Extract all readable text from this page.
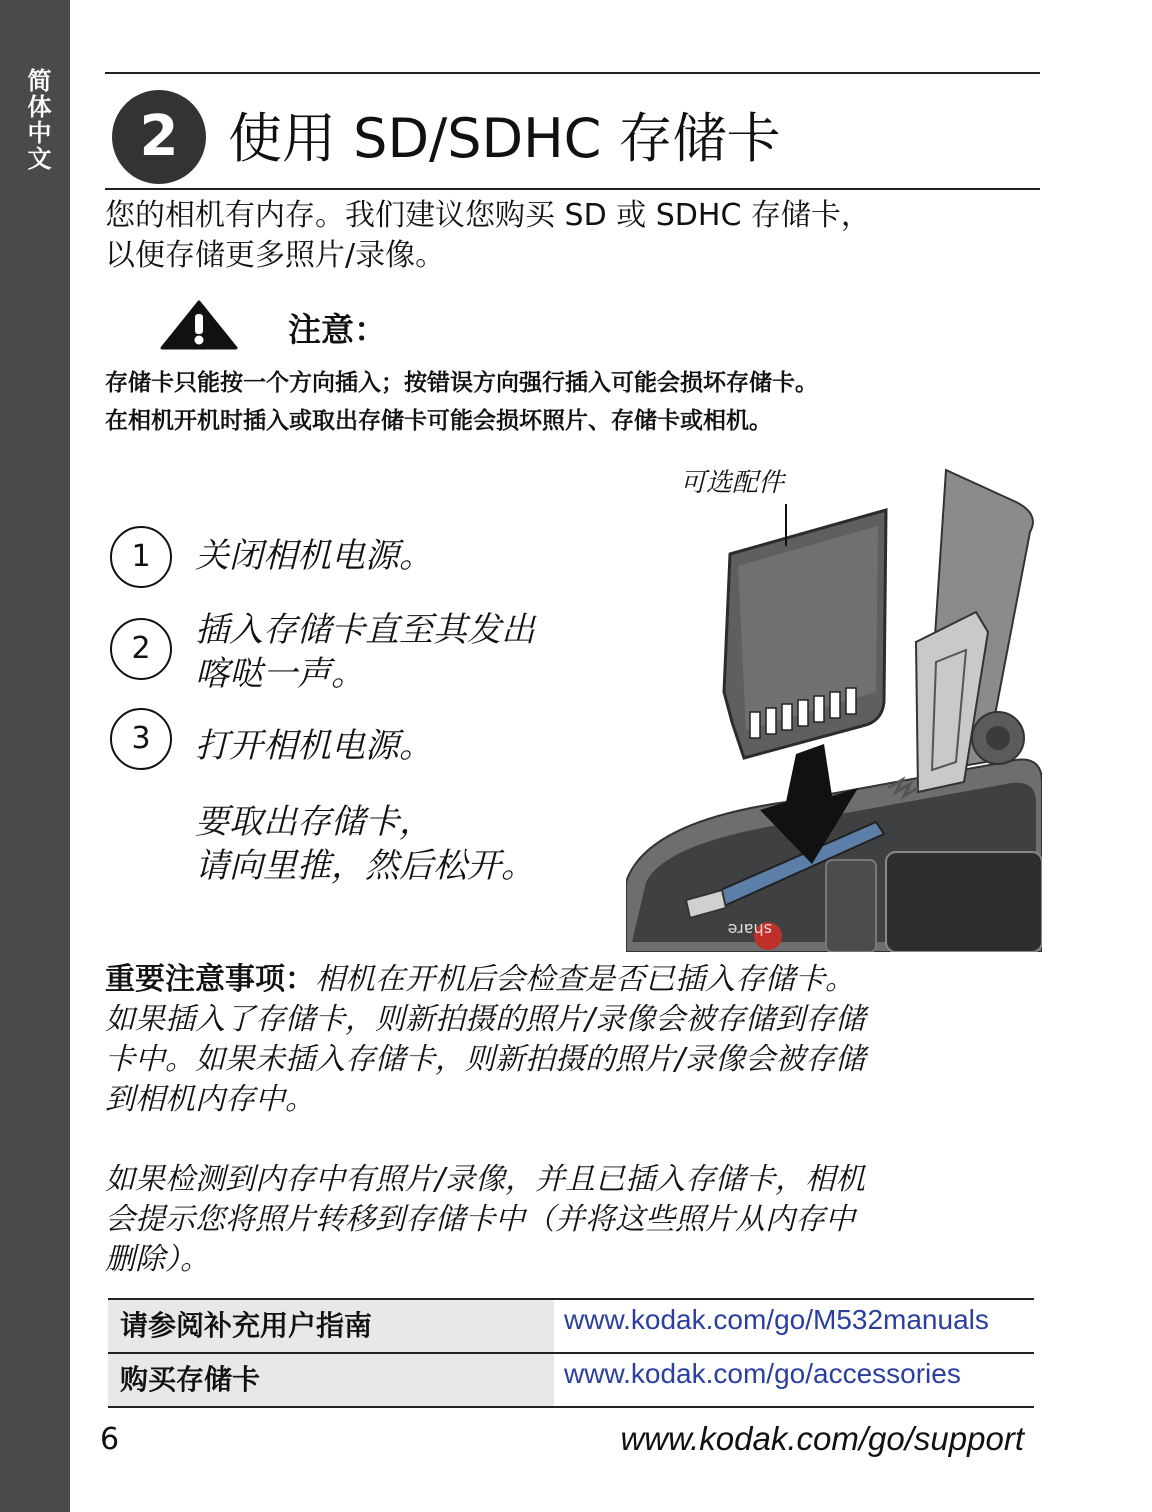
简体中文	2 使用 SD/SDHC 存储卡
您的相机有内存。我们建议您购买 SD 或 SDHC 存储卡，
以便存储更多照片/录像。
注意：
存储卡只能按一个方向插入；按错误方向强行插入可能会损坏存储卡。
在相机开机时插入或取出存储卡可能会损坏照片、存储卡或相机。
1	关闭相机电源。
2	插入存储卡直至其发出
喀哒一声。
3	打开相机电源。
要取出存储卡，
请向里推，然后松开。
share
可选配件
重要注意事项：相机在开机后会检查是否已插入存储卡。
如果插入了存储卡，则新拍摄的照片/录像会被存储到存储
卡中。如果未插入存储卡，则新拍摄的照片/录像会被存储
到相机内存中。
如果检测到内存中有照片/录像，并且已插入存储卡，相机
会提示您将照片转移到存储卡中（并将这些照片从内存中
删除）。
请参阅补充用户指南	www.kodak.com/go/M532manuals
购买存储卡	www.kodak.com/go/accessories
6	www.kodak.com/go/support
